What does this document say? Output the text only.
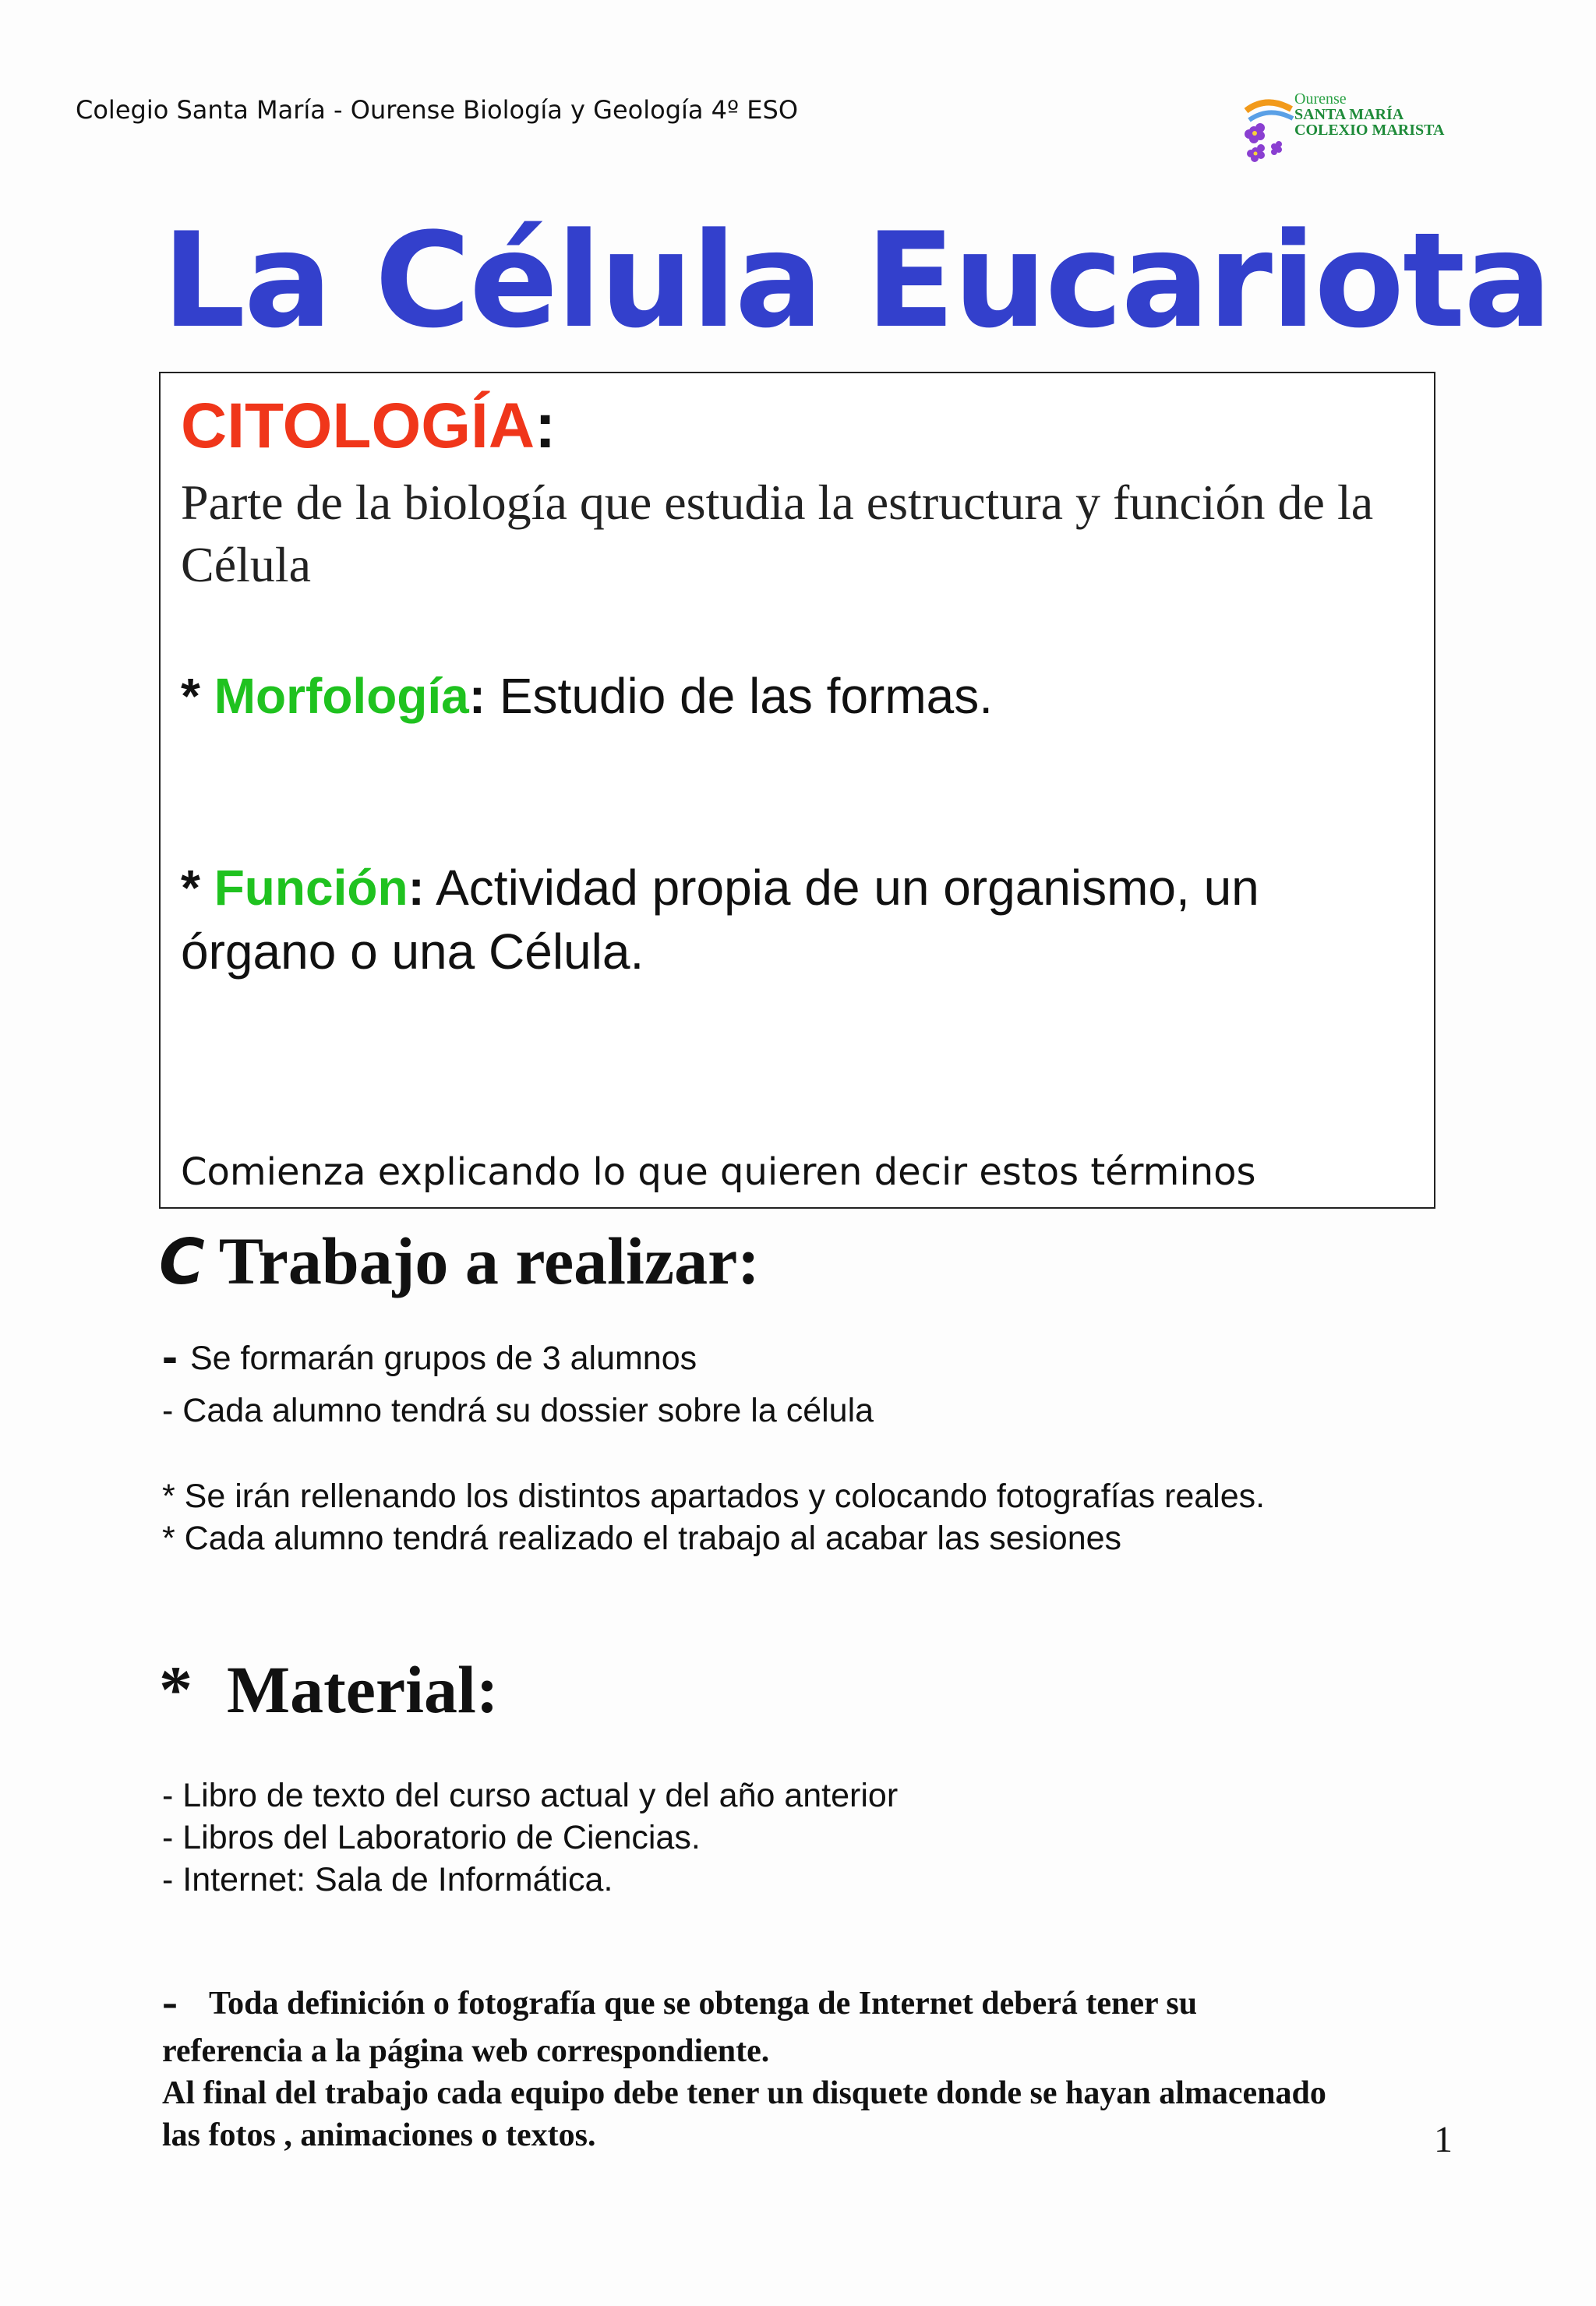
Colegio Santa María - Ourense Biología y Geología 4º ESO	Ourense
SANTA MARÍA
COLEXIO MARISTA
La Célula Eucariota
CITOLOGÍA:
Parte de la biología que estudia la estructura y función de la Célula
* Morfología: Estudio de las formas.
* Función: Actividad propia de un organismo, un órgano o una Célula.
Comienza explicando lo que quieren decir estos términos
C Trabajo a realizar:
- Se formarán grupos de 3 alumnos
- Cada alumno tendrá su dossier sobre la célula
* Se irán rellenando los distintos apartados y colocando fotografías reales.
* Cada alumno tendrá realizado el trabajo al acabar las sesiones
* Material:
- Libro de texto del curso actual y del año anterior
- Libros del Laboratorio de Ciencias.
- Internet: Sala de Informática.
- Toda definición o fotografía que se obtenga de Internet deberá tener su
referencia a la página web correspondiente.
Al final del trabajo cada equipo debe tener un disquete donde se hayan almacenado
las fotos , animaciones o textos.	1
